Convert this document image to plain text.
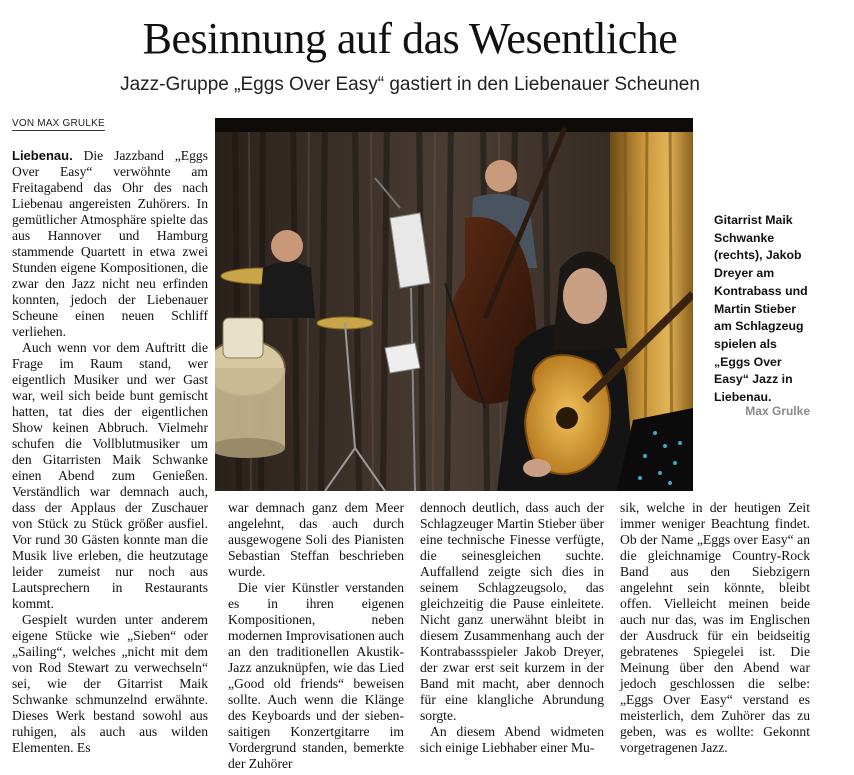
Besinnung auf das Wesentliche
Jazz-Gruppe „Eggs Over Easy“ gastiert in den Liebenauer Scheunen
VON MAX GRULKE

Liebenau. Die Jazzband „Eggs Over Easy“ verwöhnte am Freitagabend das Ohr des nach Liebenau angereisten Zuhörers. In gemütlicher Atmosphäre spielte das aus Hannover und Hamburg stammende Quartett in etwa zwei Stunden eigene Kompositionen, die zwar den Jazz nicht neu erfinden konnten, jedoch der Liebenauer Scheune einen neuen Schliff verliehen.

Auch wenn vor dem Auftritt die Frage im Raum stand, wer eigentlich Musiker und wer Gast war, weil sich beide bunt gemischt hatten, tat dies der eigentlichen Show keinen Abbruch. Vielmehr schufen die Vollblutmusiker um den Gitarristen Maik Schwanke einen Abend zum Genießen. Verständlich war demnach auch, dass der Applaus der Zuschauer von Stück zu Stück größer ausfiel. Vor rund 30 Gästen konnte man die Musik live erleben, die heutzutage leider zumeist nur noch aus Lautsprechern in Restaurants kommt.

Gespielt wurden unter anderem eigene Stücke wie „Sieben“ oder „Sailing“, welches „nicht mit dem von Rod Stewart zu verwechseln“ sei, wie der Gitarrist Maik Schwanke schmunzelnd erwähnte. Dieses Werk bestand sowohl aus ruhigen, als auch aus wilden Elementen. Es

Gitarrist Maik Schwanke (rechts), Jakob Dreyer am Kontrabass und Martin Stieber am Schlagzeug spielen als „Eggs Over Easy“ Jazz in Liebenau.
Max Grulke

war demnach ganz dem Meer angelehnt, das auch durch ausgewogene Soli des Pianisten Sebastian Steffan beschrieben wurde.

Die vier Künstler verstanden es in ihren eigenen Kompositionen, neben modernen Improvisationen auch an den traditionellen Akustik-Jazz anzuknüpfen, wie das Lied „Good old friends“ beweisen sollte. Auch wenn die Klänge des Keyboards und der sieben-saitigen Konzertgitarre im Vordergrund standen, bemerkte der Zuhörer

dennoch deutlich, dass auch der Schlagzeuger Martin Stieber über eine technische Finesse verfügte, die seinesgleichen suchte. Auffallend zeigte sich dies in seinem Schlagzeugsolo, das gleichzeitig die Pause einleitete. Nicht ganz unerwähnt bleibt in diesem Zusammenhang auch der Kontrabassspieler Jakob Dreyer, der zwar erst seit kurzem in der Band mit macht, aber dennoch für eine klangliche Abrundung sorgte.

An diesem Abend widmeten sich einige Liebhaber einer Mu-

sik, welche in der heutigen Zeit immer weniger Beachtung findet. Ob der Name „Eggs over Easy“ an die gleichnamige Country-Rock Band aus den Siebzigern angelehnt sein könnte, bleibt offen. Vielleicht meinen beide auch nur das, was im Englischen der Ausdruck für ein beidseitig gebratenes Spiegelei ist. Die Meinung über den Abend war jedoch geschlossen die selbe: „Eggs Over Easy“ verstand es meisterlich, dem Zuhörer das zu geben, was es wollte: Gekonnt vorgetragenen Jazz.
